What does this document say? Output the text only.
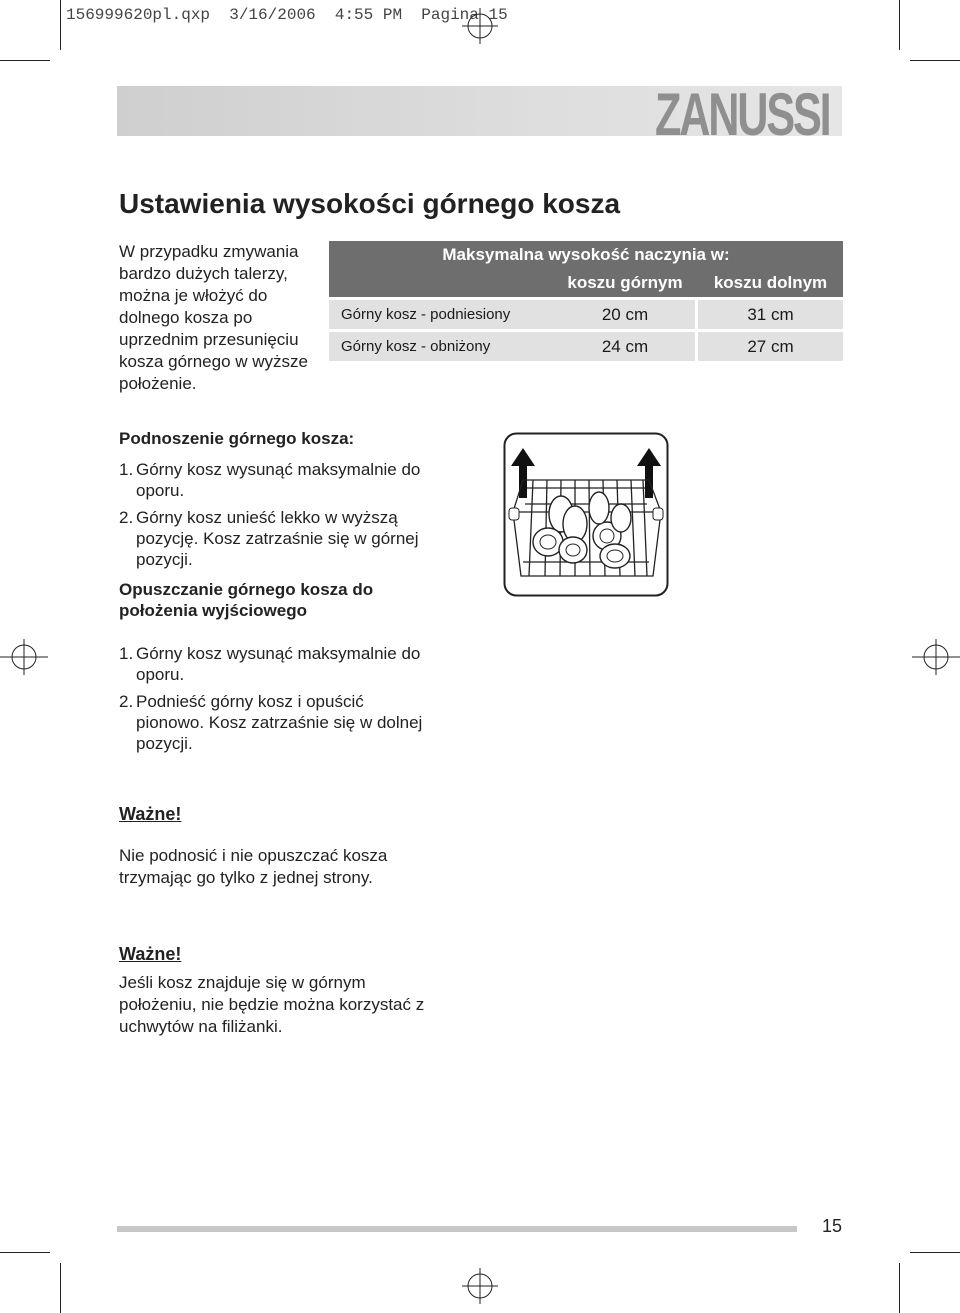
156999620pl.qxp  3/16/2006  4:55 PM  Pagina 15
ZANUSSI
Ustawienia wysokości górnego kosza
W przypadku zmywania bardzo dużych talerzy, można je włożyć do dolnego kosza po uprzednim przesunięciu kosza górnego w wyższe położenie.
Maksymalna wysokość naczynia w:			
	koszu górnym		koszu dolnym
Górny kosz - podniesiony	20 cm		31 cm
Górny kosz - obniżony	24 cm		27 cm
Podnoszenie górnego kosza:
1. Górny kosz wysunąć maksymalnie do
oporu.
2. Górny kosz unieść lekko w wyższą
pozycję. Kosz zatrzaśnie się w górnej
pozycji.
Opuszczanie górnego kosza do
położenia wyjściowego
1. Górny kosz wysunąć maksymalnie do
oporu.
2. Podnieść górny kosz i opuścić
pionowo. Kosz zatrzaśnie się w dolnej
pozycji.
Ważne!
Nie podnosić i nie opuszczać kosza
trzymając go tylko z jednej strony.
Ważne!
Jeśli kosz znajduje się w górnym
położeniu, nie będzie można korzystać z
uchwytów na filiżanki.
15
